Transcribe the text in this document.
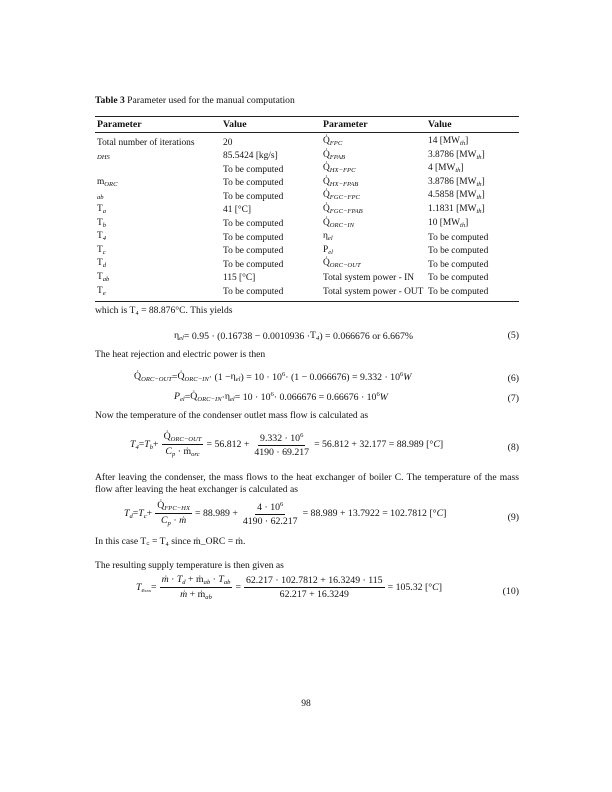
Table 3 Parameter used for the manual computation
Parameter	Value	Parameter	Value
Total number of iterations	20	$Q̇_{FPC}$	14 $[MW_{th}]$
$_{DHS}$	85.5424 [kg/s]	$Q̇_{FPAB}$	3.8786 $[MW_{th}]$
	To be computed	$Q̇_{HX-FPC}$	4 $[MW_{th}]$
$m_{ORC}$	To be computed	$Q̇_{HX-FPAB}$	3.8786 $[MW_{th}]$
$_{ab}$	To be computed	$Q̇_{FGC-FPC}$	4.5858 $[MW_{th}]$
$T_a$	41 [°C]	$Q̇_{FGC-FPAB}$	1.1831 $[MW_{th}]$
$T_b$	To be computed	$Q̇_{ORC-IN}$	10 $[MW_{th}]$
$T_4$	To be computed	$\eta_{el}$	To be computed
$T_c$	To be computed	$P_{el}$	To be computed
$T_d$	To be computed	$Q̇_{ORC-OUT}$	To be computed
$T_{ab}$	115 [°C]	Total system power - IN	To be computed
$T_e$	To be computed	Total system power - OUT	To be computed
which is T₄ = 88.876°C. This yields
$\eta_{el} = 0.95 \cdot (0.16738 - 0.0010936 \cdot T_4$ ) = 0.066676 or 6.667%	(5)
The heat rejection and electric power is then
$Q̇_{ORC-OUT}$ = $Q̇_{ORC-IN} \cdot (1 - \eta_{el}$ ) = 10 · 10 $^6$ · (1 − 0.066676) = 9.332 · 10 $^6$ W	(6)
$P_{el}$ = $Q̇_{ORC-IN} \cdot \eta_{el} = 10 \cdot 10$ $^6$ · 0.066676 = 0.66676 · 10 $^6$ W	(7)
Now the temperature of the condenser outlet mass flow is calculated as
$T_4 = T_b + \frac{Q̇_{ORC-OUT}}{C_p \cdot ṁ_{orc}} = 56.812 + \frac{9.332 \cdot 10^6}{4190 \cdot 69.217} = 56.812 + 32.177 = 88.989$ [° C ]	(8)
After leaving the condenser, the mass flows to the heat exchanger of boiler C. The temperature of the mass flow after leaving the heat exchanger is calculated as
$T_d = T_c + \frac{Q̇_{FPC-HX}}{C_p \cdot ṁ} = 88.989 + \frac{4 \cdot 10^6}{4190 \cdot 62.217} = 88.989 + 13.7922 = 102.7812$ [° C ]	(9)
In this case T꜀ = T₄ since ṁ_ORC = ṁ.
The resulting supply temperature is then given as
$T_{e_{sss}} = \frac{ṁ \cdot T_d + ṁ_{ab} \cdot T_{ab}}{ṁ + ṁ_{ab}} = \frac{62.217 \cdot 102.7812 + 16.3249 \cdot 115}{62.217 + 16.3249} = 105.32$ [° C ]	(10)
98
